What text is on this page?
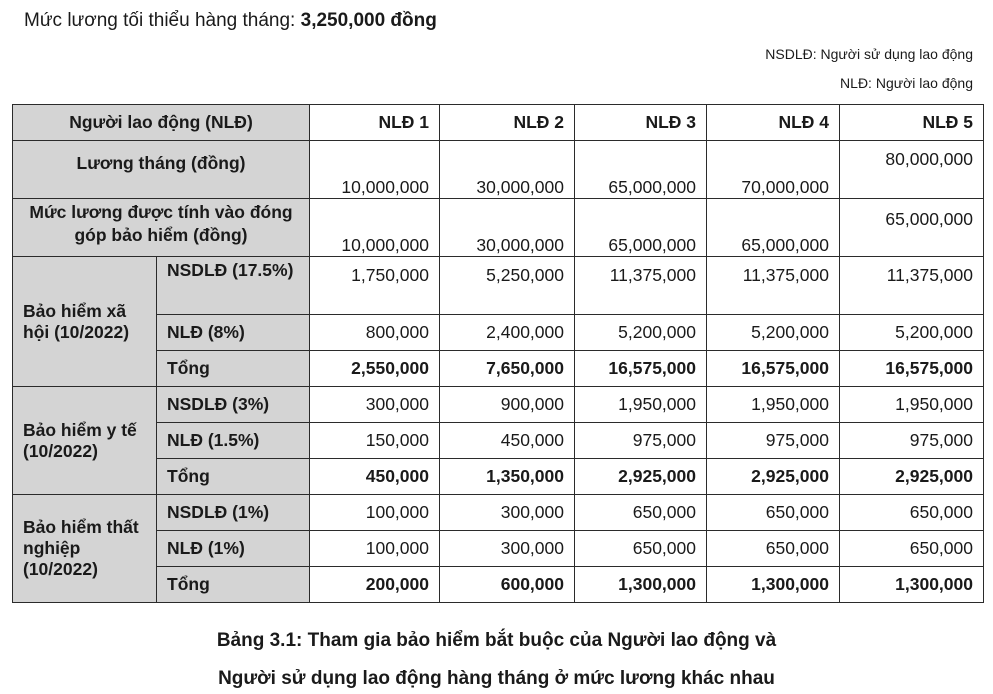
Mức lương tối thiểu hàng tháng: 3,250,000 đồng
NSDLĐ: Người sử dụng lao động
NLĐ: Người lao động
Người lao động (NLĐ)		NLĐ 1	NLĐ 2	NLĐ 3	NLĐ 4	NLĐ 5
Lương tháng (đồng)		10,000,000	30,000,000	65,000,000	70,000,000	80,000,000
Mức lương được tính vào đóng góp bảo hiểm (đồng)		10,000,000	30,000,000	65,000,000	65,000,000	65,000,000
Bảo hiểm xã hội (10/2022)	NSDLĐ (17.5%)	1,750,000	5,250,000	11,375,000	11,375,000	11,375,000
	NLĐ (8%)	800,000	2,400,000	5,200,000	5,200,000	5,200,000
	Tổng	2,550,000	7,650,000	16,575,000	16,575,000	16,575,000
Bảo hiểm y tế (10/2022)	NSDLĐ (3%)	300,000	900,000	1,950,000	1,950,000	1,950,000
	NLĐ (1.5%)	150,000	450,000	975,000	975,000	975,000
	Tổng	450,000	1,350,000	2,925,000	2,925,000	2,925,000
Bảo hiểm thất nghiệp (10/2022)	NSDLĐ (1%)	100,000	300,000	650,000	650,000	650,000
	NLĐ (1%)	100,000	300,000	650,000	650,000	650,000
	Tổng	200,000	600,000	1,300,000	1,300,000	1,300,000
Bảng 3.1: Tham gia bảo hiểm bắt buộc của Người lao động và
Người sử dụng lao động hàng tháng ở mức lương khác nhau
